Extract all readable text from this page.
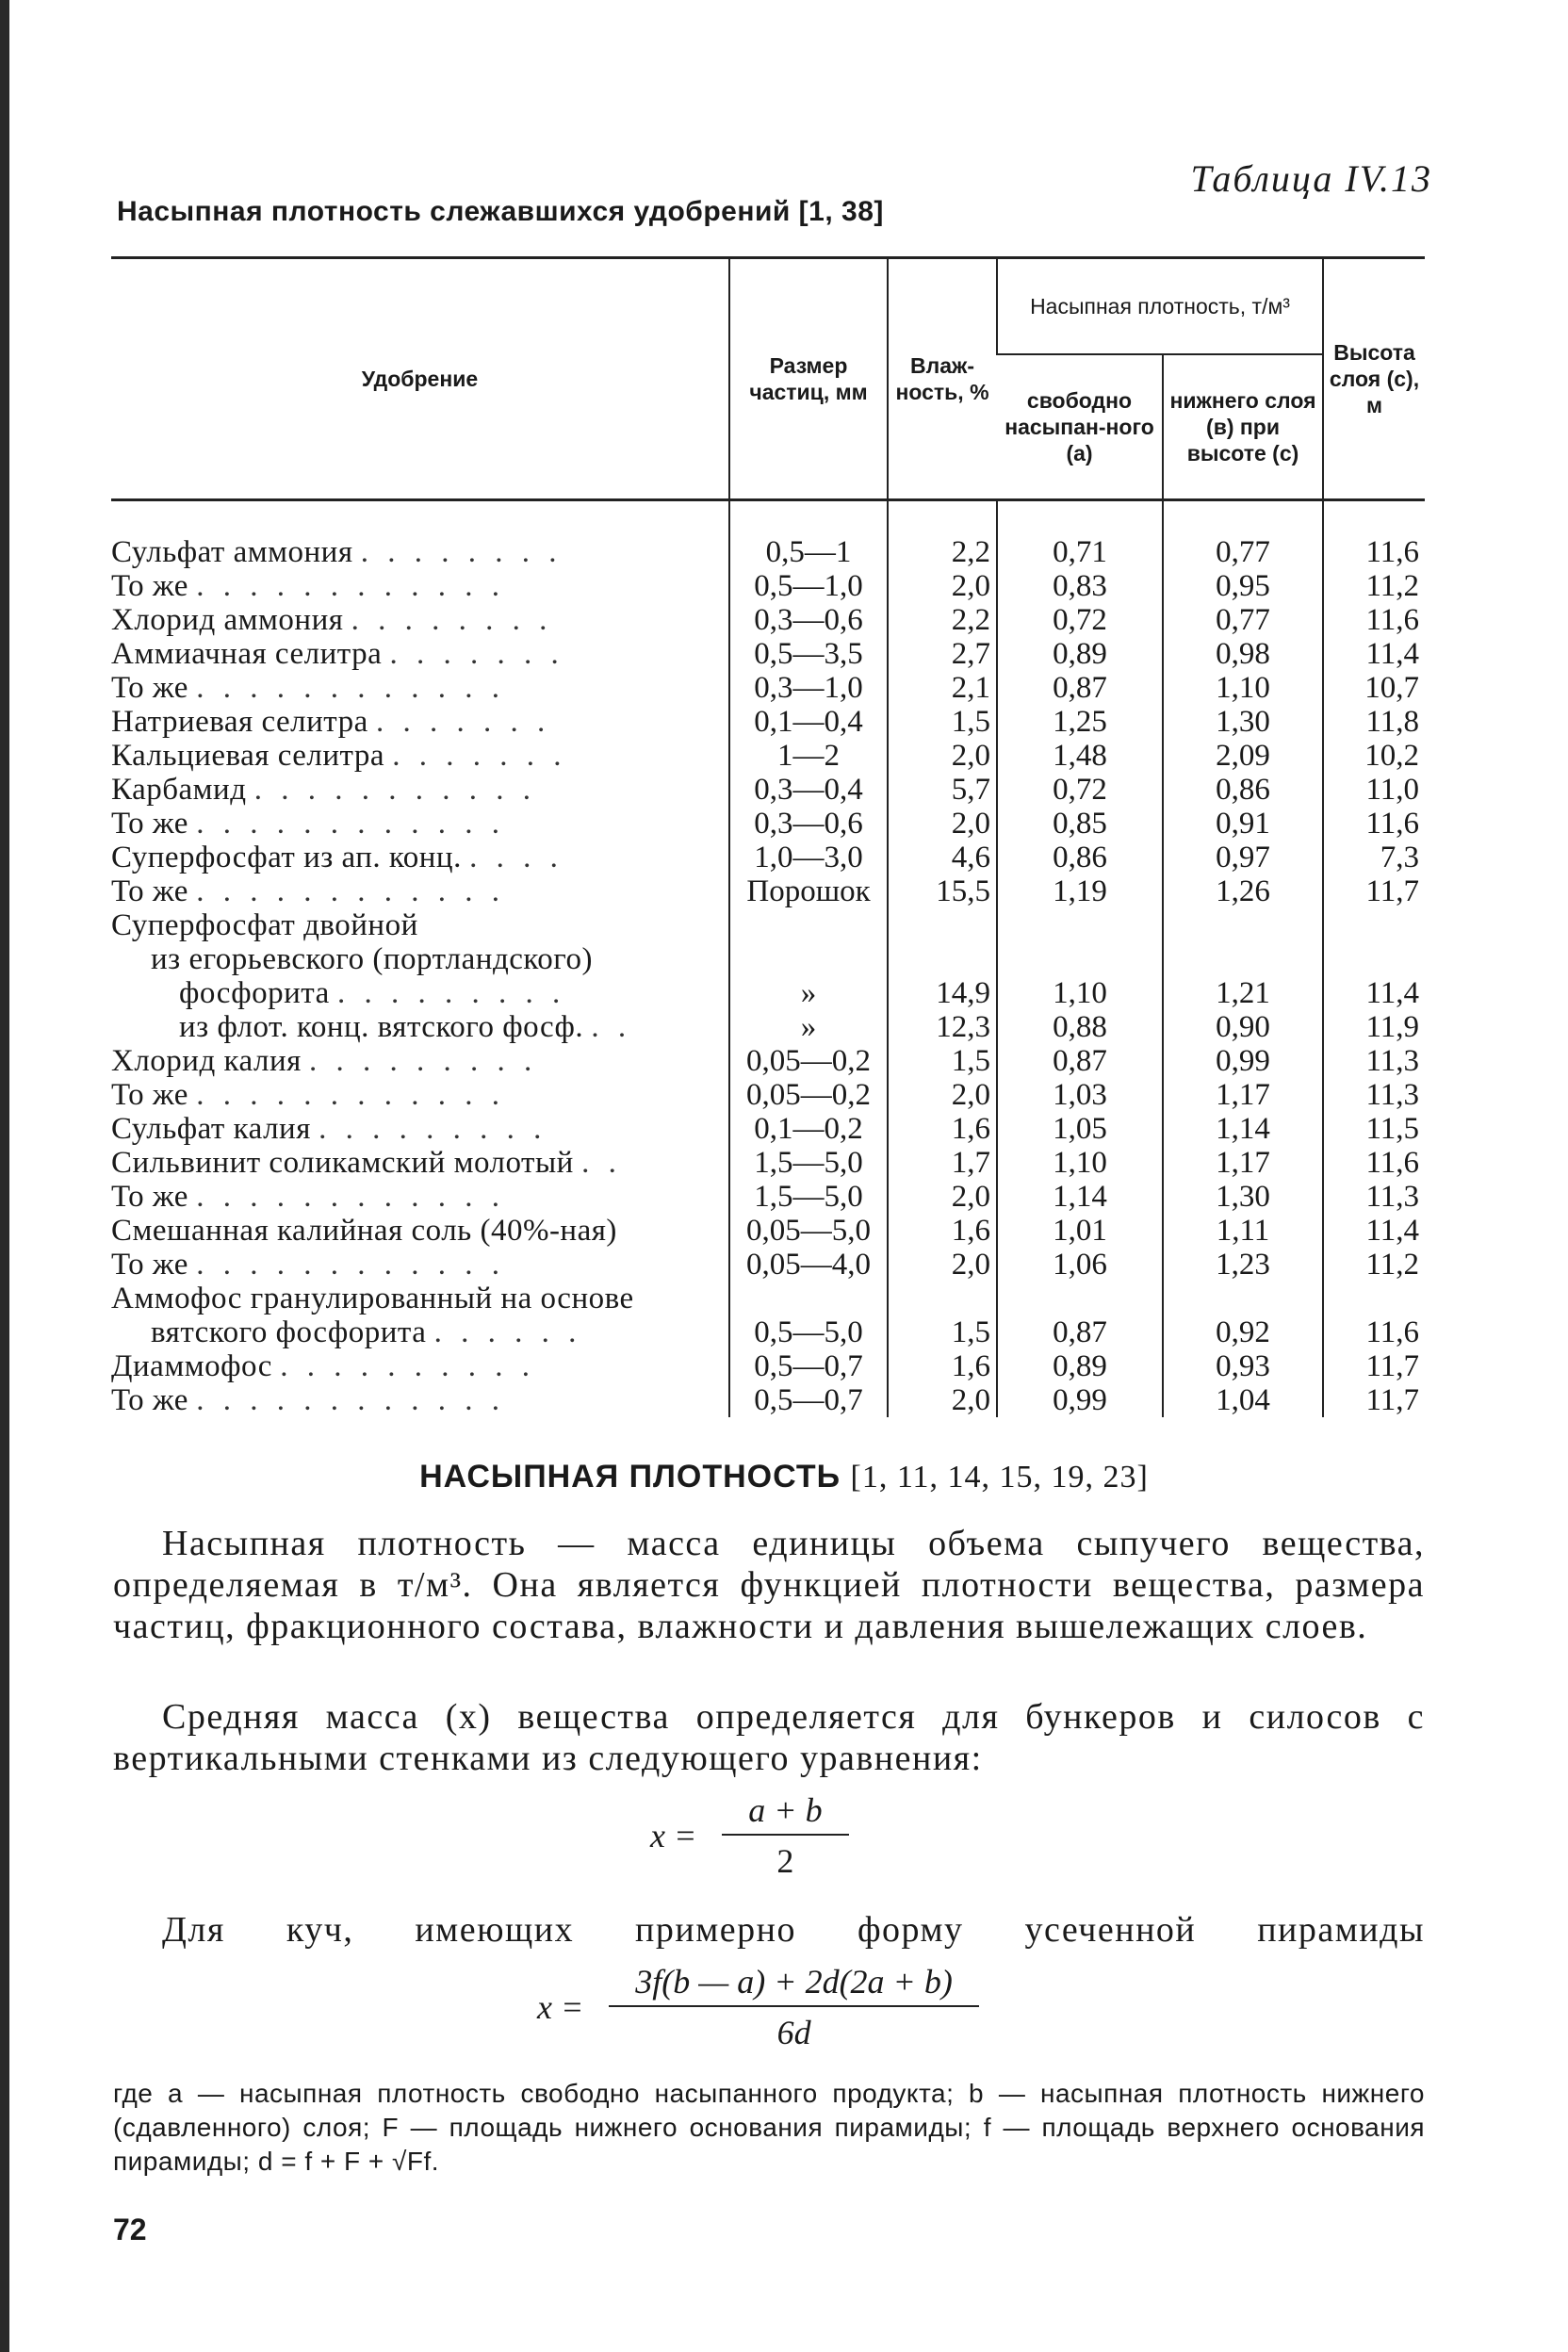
Таблица IV.13
Насыпная плотность слежавшихся удобрений [1, 38]
Удобрение	Размер частиц, мм	Влаж-ность, %	Насыпная плотность, т/м³		Высота слоя (c), м
			свободно насыпан-ного (a)	нижнего слоя (в) при высоте (c)	
Сульфат аммония . . . . . . . .	0,5—1	2,2	0,71	0,77	11,6
То же . . . . . . . . . . . .	0,5—1,0	2,0	0,83	0,95	11,2
Хлорид аммония . . . . . . . .	0,3—0,6	2,2	0,72	0,77	11,6
Аммиачная селитра . . . . . . .	0,5—3,5	2,7	0,89	0,98	11,4
То же . . . . . . . . . . . .	0,3—1,0	2,1	0,87	1,10	10,7
Натриевая селитра . . . . . . .	0,1—0,4	1,5	1,25	1,30	11,8
Кальциевая селитра . . . . . . .	1—2	2,0	1,48	2,09	10,2
Карбамид . . . . . . . . . . .	0,3—0,4	5,7	0,72	0,86	11,0
То же . . . . . . . . . . . .	0,3—0,6	2,0	0,85	0,91	11,6
Суперфосфат из ап. конц. . . . .	1,0—3,0	4,6	0,86	0,97	7,3
То же . . . . . . . . . . . .	Порошок	15,5	1,19	1,26	11,7
Суперфосфат двойной					
из егорьевского (портландского)					
фосфорита . . . . . . . . .	»	14,9	1,10	1,21	11,4
из флот. конц. вятского фосф. . .	»	12,3	0,88	0,90	11,9
Хлорид калия . . . . . . . . .	0,05—0,2	1,5	0,87	0,99	11,3
То же . . . . . . . . . . . .	0,05—0,2	2,0	1,03	1,17	11,3
Сульфат калия . . . . . . . . .	0,1—0,2	1,6	1,05	1,14	11,5
Сильвинит соликамский молотый . .	1,5—5,0	1,7	1,10	1,17	11,6
То же . . . . . . . . . . . .	1,5—5,0	2,0	1,14	1,30	11,3
Смешанная калийная соль (40%-ная)	0,05—5,0	1,6	1,01	1,11	11,4
То же . . . . . . . . . . . .	0,05—4,0	2,0	1,06	1,23	11,2
Аммофос гранулированный на основе					
вятского фосфорита . . . . . .	0,5—5,0	1,5	0,87	0,92	11,6
Диаммофос . . . . . . . . . .	0,5—0,7	1,6	0,89	0,93	11,7
То же . . . . . . . . . . . .	0,5—0,7	2,0	0,99	1,04	11,7
НАСЫПНАЯ ПЛОТНОСТЬ [1, 11, 14, 15, 19, 23]
Насыпная плотность — масса единицы объема сыпучего вещества, определяемая в т/м³. Она является функцией плотности вещества, размера частиц, фракционного состава, влажности и давления вышележащих слоев.
Средняя масса (x) вещества определяется для бункеров и силосов с вертикальными стенками из следующего уравнения:
$x = \frac{a + b}{2}$
Для куч, имеющих примерно форму усеченной пирамиды
$x = \frac{3f(b — a) + 2d(2a + b)}{6d}$
где a — насыпная плотность свободно насыпанного продукта; b — насыпная плотность нижнего (сдавленного) слоя; F — площадь нижнего основания пирамиды; f — площадь верхнего основания пирамиды; d = f + F + √Ff.
72
